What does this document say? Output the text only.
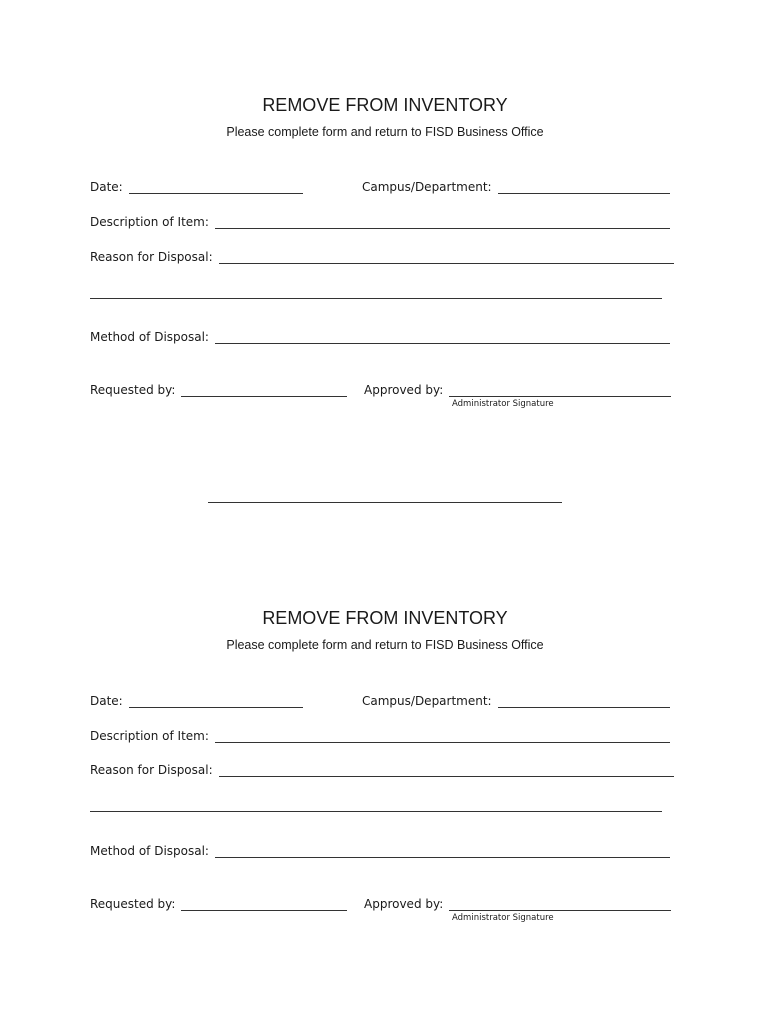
REMOVE FROM INVENTORY
Please complete form and return to FISD Business Office
Date:	Campus/Department:
Description of Item:
Reason for Disposal:
Method of Disposal:
Requested by:	Approved by:
Administrator Signature
REMOVE FROM INVENTORY
Please complete form and return to FISD Business Office
Date:	Campus/Department:
Description of Item:
Reason for Disposal:
Method of Disposal:
Requested by:	Approved by:
Administrator Signature
